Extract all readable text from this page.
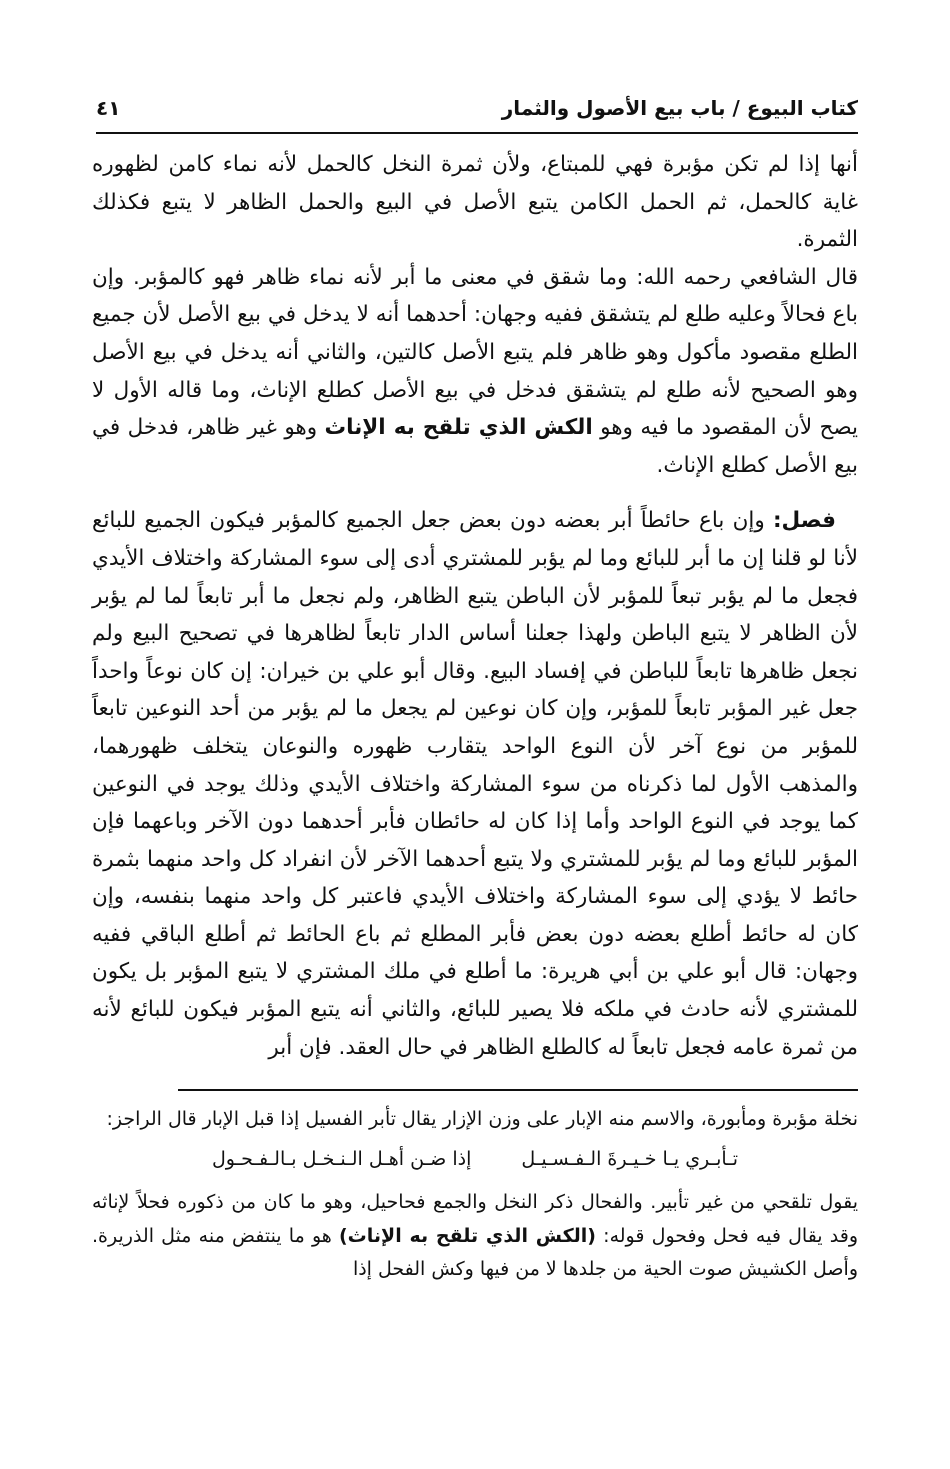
كتاب البيوع / باب بيع الأصول والثمار
٤١

أنها إذا لم تكن مؤبرة فهي للمبتاع، ولأن ثمرة النخل كالحمل لأنه نماء كامن لظهوره غاية كالحمل، ثم الحمل الكامن يتبع الأصل في البيع والحمل الظاهر لا يتبع فكذلك الثمرة.
قال الشافعي رحمه الله: وما شقق في معنى ما أبر لأنه نماء ظاهر فهو كالمؤبر. وإن باع فحالاً وعليه طلع لم يتشقق ففيه وجهان: أحدهما أنه لا يدخل في بيع الأصل لأن جميع الطلع مقصود مأكول وهو ظاهر فلم يتبع الأصل كالتين، والثاني أنه يدخل في بيع الأصل وهو الصحيح لأنه طلع لم يتشقق فدخل في بيع الأصل كطلع الإناث، وما قاله الأول لا يصح لأن المقصود ما فيه وهو الكش الذي تلقح به الإناث وهو غير ظاهر، فدخل في بيع الأصل كطلع الإناث.

فصل: وإن باع حائطاً أبر بعضه دون بعض جعل الجميع كالمؤبر فيكون الجميع للبائع لأنا لو قلنا إن ما أبر للبائع وما لم يؤبر للمشتري أدى إلى سوء المشاركة واختلاف الأيدي فجعل ما لم يؤبر تبعاً للمؤبر لأن الباطن يتبع الظاهر، ولم نجعل ما أبر تابعاً لما لم يؤبر لأن الظاهر لا يتبع الباطن ولهذا جعلنا أساس الدار تابعاً لظاهرها في تصحيح البيع ولم نجعل ظاهرها تابعاً للباطن في إفساد البيع. وقال أبو علي بن خيران: إن كان نوعاً واحداً جعل غير المؤبر تابعاً للمؤبر، وإن كان نوعين لم يجعل ما لم يؤبر من أحد النوعين تابعاً للمؤبر من نوع آخر لأن النوع الواحد يتقارب ظهوره والنوعان يتخلف ظهورهما، والمذهب الأول لما ذكرناه من سوء المشاركة واختلاف الأيدي وذلك يوجد في النوعين كما يوجد في النوع الواحد وأما إذا كان له حائطان فأبر أحدهما دون الآخر وباعهما فإن المؤبر للبائع وما لم يؤبر للمشتري ولا يتبع أحدهما الآخر لأن انفراد كل واحد منهما بثمرة حائط لا يؤدي إلى سوء المشاركة واختلاف الأيدي فاعتبر كل واحد منهما بنفسه، وإن كان له حائط أطلع بعضه دون بعض فأبر المطلع ثم باع الحائط ثم أطلع الباقي ففيه وجهان: قال أبو علي بن أبي هريرة: ما أطلع في ملك المشتري لا يتبع المؤبر بل يكون للمشتري لأنه حادث في ملكه فلا يصير للبائع، والثاني أنه يتبع المؤبر فيكون للبائع لأنه من ثمرة عامه فجعل تابعاً له كالطلع الظاهر في حال العقد. فإن أبر

نخلة مؤبرة ومأبورة، والاسم منه الإبار على وزن الإزار يقال تأبر الفسيل إذا قبل الإبار قال الراجز:

تـأبـري يـا خـيـرةَ الـفـسـيـل
إذا ضـن أهـل الـنـخـل بـالـفـحـول

يقول تلقحي من غير تأبير. والفحال ذكر النخل والجمع فحاحيل، وهو ما كان من ذكوره فحلاً لإناثه وقد يقال فيه فحل وفحول قوله: (الكش الذي تلقح به الإناث) هو ما ينتفض منه مثل الذريرة. وأصل الكشيش صوت الحية من جلدها لا من فيها وكش الفحل إذا
